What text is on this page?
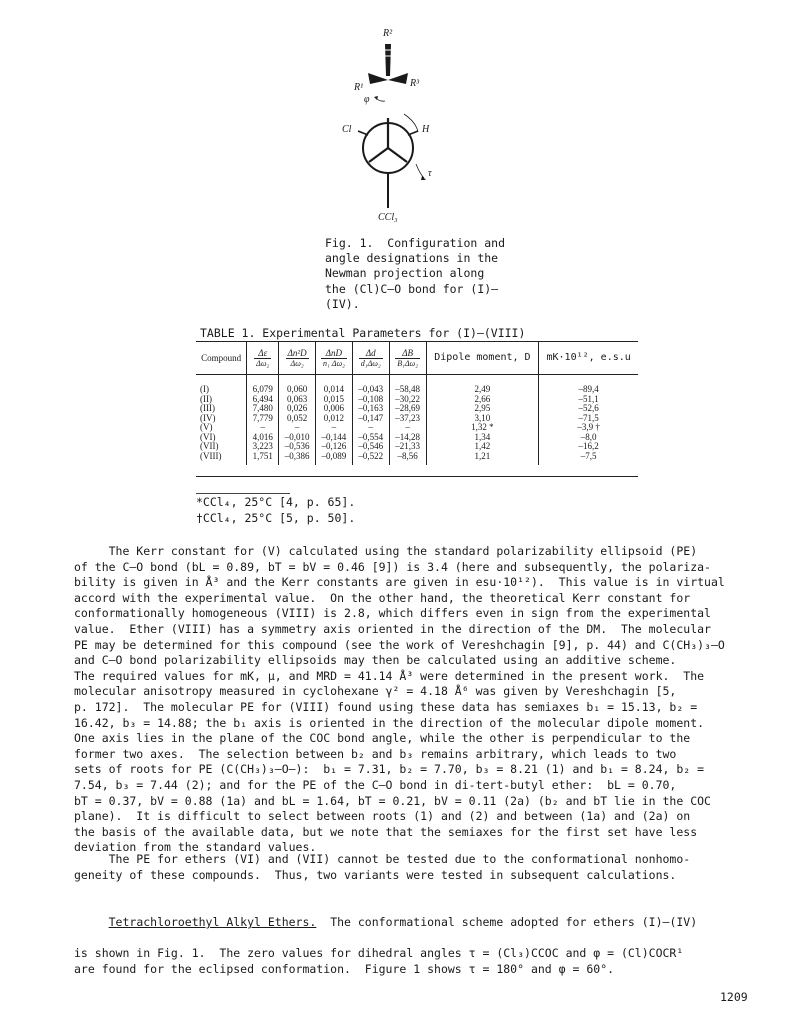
R²
R¹	R³
φ
Cl	H
τ
CCl₃
Fig. 1.  Configuration and
angle designations in the
Newman projection along
the (Cl)C–O bond for (I)–
(IV).
TABLE 1. Experimental Parameters for (I)–(VIII)
Compound	$\frac{\Delta\varepsilon}{\text{Δω₂}}$	$\frac{\text{Δn²D}}{\text{Δω₂}}$	$\frac{\text{ΔnD}}{\text{n₁ Δω₂}}$	$\frac{\Delta d}{\text{d₁Δω₂}}$	$\frac{\Delta B}{\text{B₁Δω₂}}$	Dipole moment, D	mK·10¹², e.s.u
(I)	6,079	0,060	0,014	–0,043	–58,48	2,49	–89,4
(II)	6,494	0,063	0,015	–0,108	–30,22	2,66	–51,1
(III)	7,480	0,026	0,006	–0,163	–28,69	2,95	–52,6
(IV)	7,779	0,052	0,012	–0,147	–37,23	3,10	–71,5
(V)	–	–	–	–	–	1,32 *	–3,9 †
(VI)	4,016	–0,010	–0,144	–0,554	–14,28	1,34	–8,0
(VII)	3,223	–0,536	–0,126	–0,546	–21,33	1,42	–16,2
(VIII)	1,751	–0,386	–0,089	–0,522	–8,56	1,21	–7,5
*CCl₄, 25°C [4, p. 65].
†CCl₄, 25°C [5, p. 50].
The Kerr constant for (V) calculated using the standard polarizability ellipsoid (PE)
of the C–O bond (bL = 0.89, bT = bV = 0.46 [9]) is 3.4 (here and subsequently, the polariza-
bility is given in Å³ and the Kerr constants are given in esu·10¹²).  This value is in virtual
accord with the experimental value.  On the other hand, the theoretical Kerr constant for
conformationally homogeneous (VIII) is 2.8, which differs even in sign from the experimental
value.  Ether (VIII) has a symmetry axis oriented in the direction of the DM.  The molecular
PE may be determined for this compound (see the work of Vereshchagin [9], p. 44) and C(CH₃)₃–O
and C–O bond polarizability ellipsoids may then be calculated using an additive scheme.
The required values for mK, μ, and MRD = 41.14 Å³ were determined in the present work.  The
molecular anisotropy measured in cyclohexane γ² = 4.18 Å⁶ was given by Vereshchagin [5,
p. 172].  The molecular PE for (VIII) found using these data has semiaxes b₁ = 15.13, b₂ =
16.42, b₃ = 14.88; the b₁ axis is oriented in the direction of the molecular dipole moment.
One axis lies in the plane of the COC bond angle, while the other is perpendicular to the
former two axes.  The selection between b₂ and b₃ remains arbitrary, which leads to two
sets of roots for PE (C(CH₃)₃–O–):  b₁ = 7.31, b₂ = 7.70, b₃ = 8.21 (1) and b₁ = 8.24, b₂ =
7.54, b₃ = 7.44 (2); and for the PE of the C–O bond in di-tert-butyl ether:  bL = 0.70,
bT = 0.37, bV = 0.88 (1a) and bL = 1.64, bT = 0.21, bV = 0.11 (2a) (b₂ and bT lie in the COC
plane).  It is difficult to select between roots (1) and (2) and between (1a) and (2a) on
the basis of the available data, but we note that the semiaxes for the first set have less
deviation from the standard values.
The PE for ethers (VI) and (VII) cannot be tested due to the conformational nonhomo-
geneity of these compounds.  Thus, two variants were tested in subsequent calculations.

Tetrachloroethyl Alkyl Ethers.  The conformational scheme adopted for ethers (I)–(IV)

is shown in Fig. 1.  The zero values for dihedral angles τ = (Cl₃)CCOC and φ = (Cl)COCR¹
are found for the eclipsed conformation.  Figure 1 shows τ = 180° and φ = 60°.
1209
